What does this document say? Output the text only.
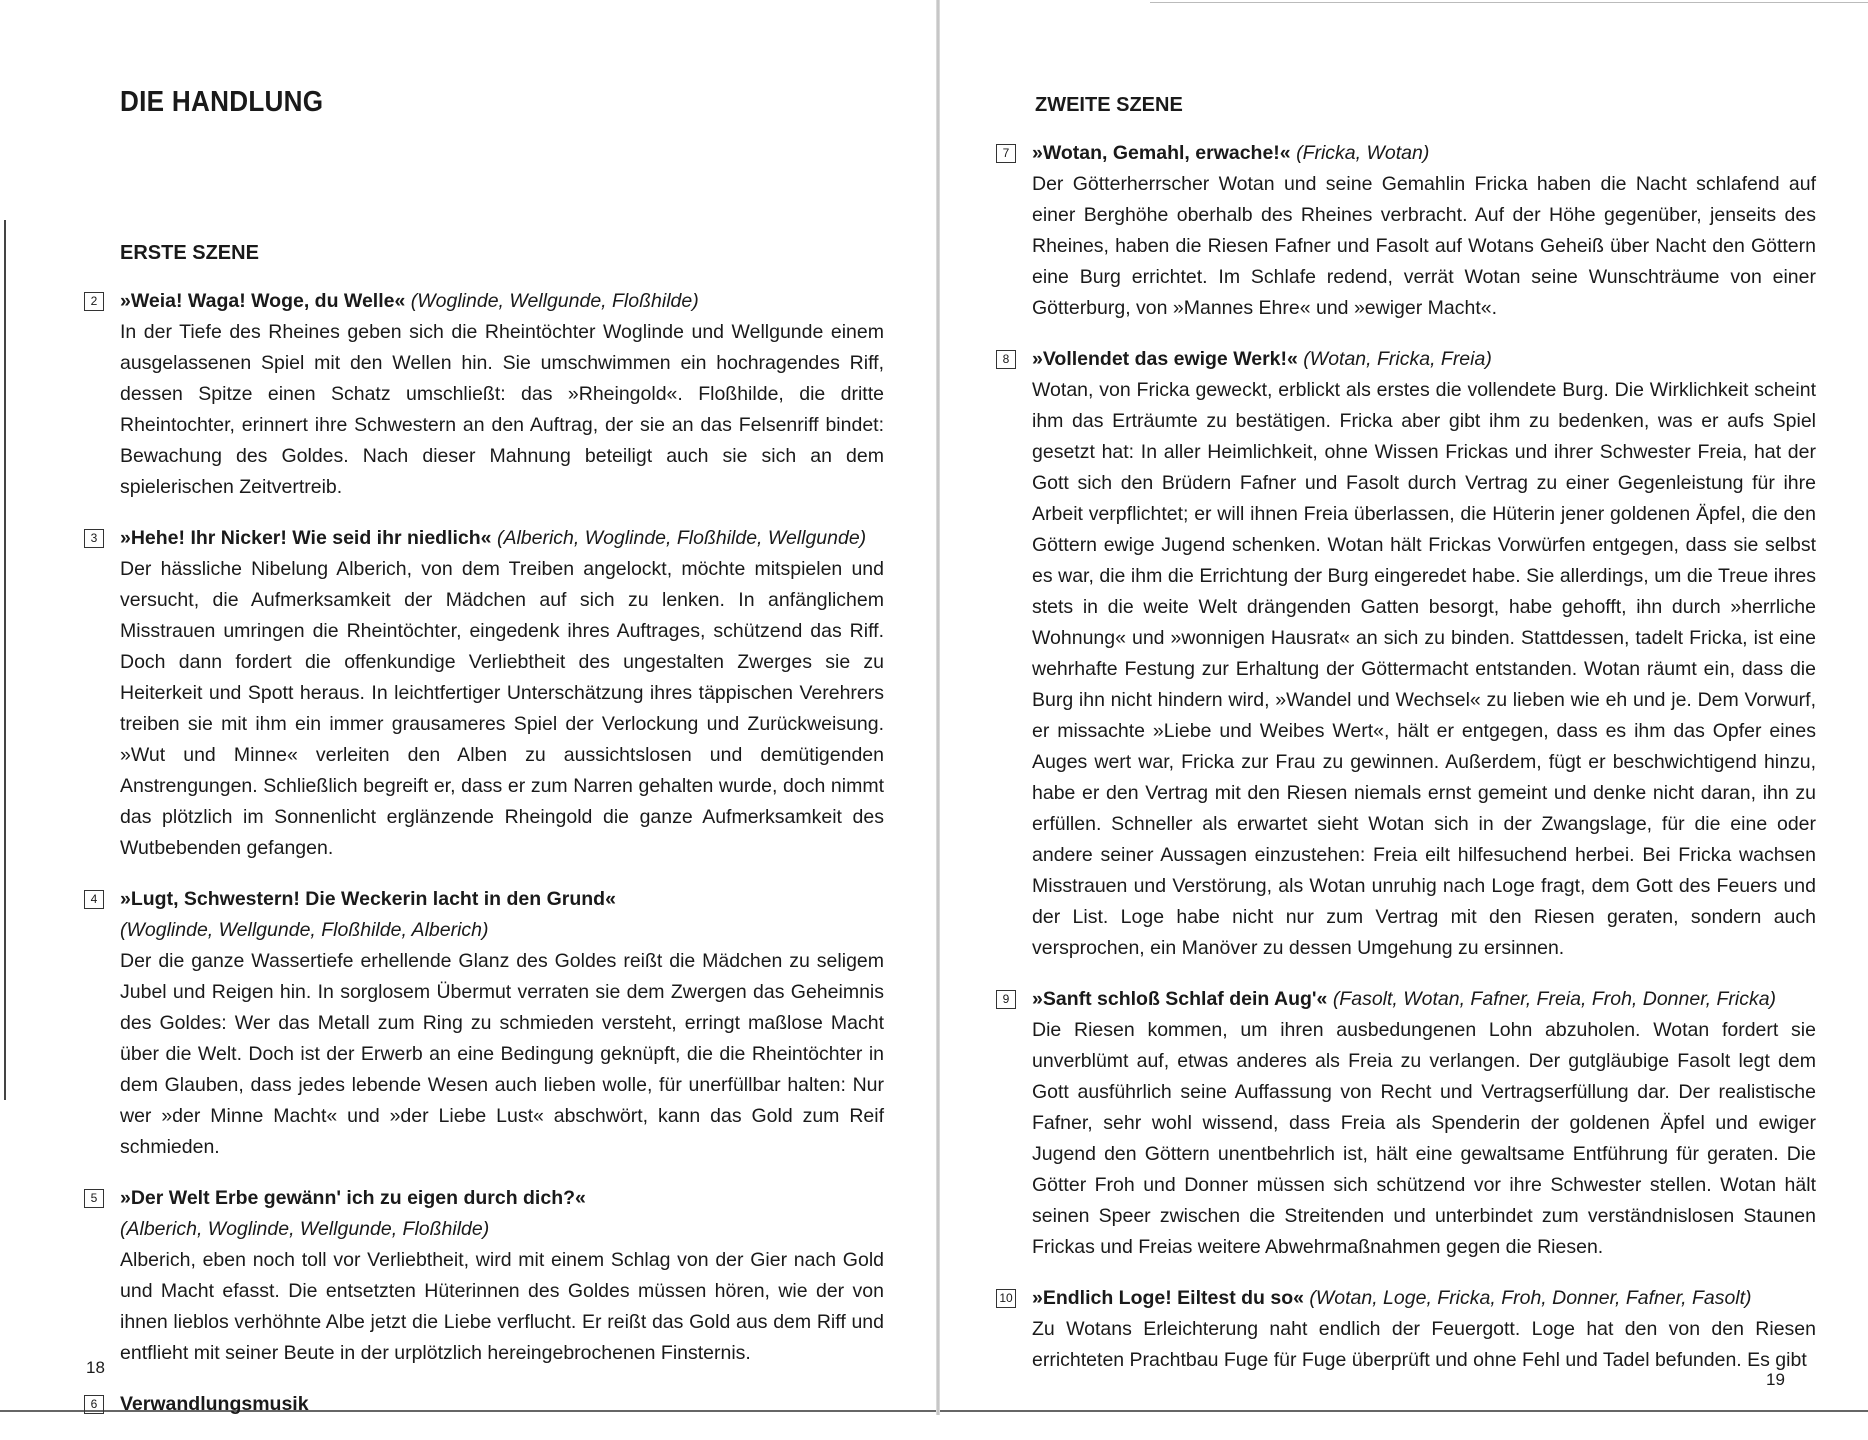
DIE HANDLUNG
ERSTE SZENE
2	»Weia! Waga! Woge, du Welle« (Woglinde, Wellgunde, Floßhilde)
In der Tiefe des Rheines geben sich die Rheintöchter Woglinde und Wellgunde einem ausgelassenen Spiel mit den Wellen hin. Sie umschwimmen ein hochragendes Riff, dessen Spitze einen Schatz umschließt: das »Rheingold«. Floßhilde, die dritte Rheintochter, erinnert ihre Schwestern an den Auftrag, der sie an das Felsenriff bindet: Bewachung des Goldes. Nach dieser Mahnung beteiligt auch sie sich an dem spielerischen Zeitvertreib.

3	»Hehe! Ihr Nicker! Wie seid ihr niedlich« (Alberich, Woglinde, Floßhilde, Wellgunde)
Der hässliche Nibelung Alberich, von dem Treiben angelockt, möchte mitspielen und versucht, die Aufmerksamkeit der Mädchen auf sich zu lenken. In anfänglichem Misstrauen umringen die Rheintöchter, eingedenk ihres Auftrages, schützend das Riff. Doch dann fordert die offenkundige Verliebtheit des ungestalten Zwerges sie zu Heiterkeit und Spott heraus. In leichtfertiger Unterschätzung ihres täppischen Verehrers treiben sie mit ihm ein immer grausameres Spiel der Verlockung und Zurückweisung. »Wut und Minne« verleiten den Alben zu aussichtslosen und demütigenden Anstrengungen. Schließlich begreift er, dass er zum Narren gehalten wurde, doch nimmt das plötzlich im Sonnenlicht erglänzende Rheingold die ganze Aufmerksamkeit des Wutbebenden gefangen.

4	»Lugt, Schwestern! Die Weckerin lacht in den Grund«
(Woglinde, Wellgunde, Floßhilde, Alberich)
Der die ganze Wassertiefe erhellende Glanz des Goldes reißt die Mädchen zu seligem Jubel und Reigen hin. In sorglosem Übermut verraten sie dem Zwergen das Geheimnis des Goldes: Wer das Metall zum Ring zu schmieden versteht, erringt maßlose Macht über die Welt. Doch ist der Erwerb an eine Bedingung geknüpft, die die Rheintöchter in dem Glauben, dass jedes lebende Wesen auch lieben wolle, für unerfüllbar halten: Nur wer »der Minne Macht« und »der Liebe Lust« abschwört, kann das Gold zum Reif schmieden.

5	»Der Welt Erbe gewänn' ich zu eigen durch dich?«
(Alberich, Woglinde, Wellgunde, Floßhilde)
Alberich, eben noch toll vor Verliebtheit, wird mit einem Schlag von der Gier nach Gold und Macht efasst. Die entsetzten Hüterinnen des Goldes müssen hören, wie der von ihnen lieblos verhöhnte Albe jetzt die Liebe verflucht. Er reißt das Gold aus dem Riff und entflieht mit seiner Beute in der urplötzlich hereingebrochenen Finsternis.

6	Verwandlungsmusik

18
ZWEITE SZENE
7	»Wotan, Gemahl, erwache!« (Fricka, Wotan)
Der Götterherrscher Wotan und seine Gemahlin Fricka haben die Nacht schlafend auf einer Berghöhe oberhalb des Rheines verbracht. Auf der Höhe gegenüber, jenseits des Rheines, haben die Riesen Fafner und Fasolt auf Wotans Geheiß über Nacht den Göttern eine Burg errichtet. Im Schlafe redend, verrät Wotan seine Wunschträume von einer Götterburg, von »Mannes Ehre« und »ewiger Macht«.

8	»Vollendet das ewige Werk!« (Wotan, Fricka, Freia)
Wotan, von Fricka geweckt, erblickt als erstes die vollendete Burg. Die Wirklichkeit scheint ihm das Erträumte zu bestätigen. Fricka aber gibt ihm zu bedenken, was er aufs Spiel gesetzt hat: In aller Heimlichkeit, ohne Wissen Frickas und ihrer Schwester Freia, hat der Gott sich den Brüdern Fafner und Fasolt durch Vertrag zu einer Gegenleistung für ihre Arbeit verpflichtet; er will ihnen Freia überlassen, die Hüterin jener goldenen Äpfel, die den Göttern ewige Jugend schenken. Wotan hält Frickas Vorwürfen entgegen, dass sie selbst es war, die ihm die Errichtung der Burg eingeredet habe. Sie allerdings, um die Treue ihres stets in die weite Welt drängenden Gatten besorgt, habe gehofft, ihn durch »herrliche Wohnung« und »wonnigen Hausrat« an sich zu binden. Stattdessen, tadelt Fricka, ist eine wehrhafte Festung zur Erhaltung der Göttermacht entstanden. Wotan räumt ein, dass die Burg ihn nicht hindern wird, »Wandel und Wechsel« zu lieben wie eh und je. Dem Vorwurf, er missachte »Liebe und Weibes Wert«, hält er entgegen, dass es ihm das Opfer eines Auges wert war, Fricka zur Frau zu gewinnen. Außerdem, fügt er beschwichtigend hinzu, habe er den Vertrag mit den Riesen niemals ernst gemeint und denke nicht daran, ihn zu erfüllen. Schneller als erwartet sieht Wotan sich in der Zwangslage, für die eine oder andere seiner Aussagen einzustehen: Freia eilt hilfesuchend herbei. Bei Fricka wachsen Misstrauen und Verstörung, als Wotan unruhig nach Loge fragt, dem Gott des Feuers und der List. Loge habe nicht nur zum Vertrag mit den Riesen geraten, sondern auch versprochen, ein Manöver zu dessen Umgehung zu ersinnen.

9	»Sanft schloß Schlaf dein Aug'« (Fasolt, Wotan, Fafner, Freia, Froh, Donner, Fricka)
Die Riesen kommen, um ihren ausbedungenen Lohn abzuholen. Wotan fordert sie unverblümt auf, etwas anderes als Freia zu verlangen. Der gutgläubige Fasolt legt dem Gott ausführlich seine Auffassung von Recht und Vertragserfüllung dar. Der realistische Fafner, sehr wohl wissend, dass Freia als Spenderin der goldenen Äpfel und ewiger Jugend den Göttern unentbehrlich ist, hält eine gewaltsame Entführung für geraten. Die Götter Froh und Donner müssen sich schützend vor ihre Schwester stellen. Wotan hält seinen Speer zwischen die Streitenden und unterbindet zum verständnislosen Staunen Frickas und Freias weitere Abwehrmaßnahmen gegen die Riesen.

10 »Endlich Loge! Eiltest du so« (Wotan, Loge, Fricka, Froh, Donner, Fafner, Fasolt)
Zu Wotans Erleichterung naht endlich der Feuergott. Loge hat den von den Riesen errichteten Prachtbau Fuge für Fuge überprüft und ohne Fehl und Tadel befunden. Es gibt

19
